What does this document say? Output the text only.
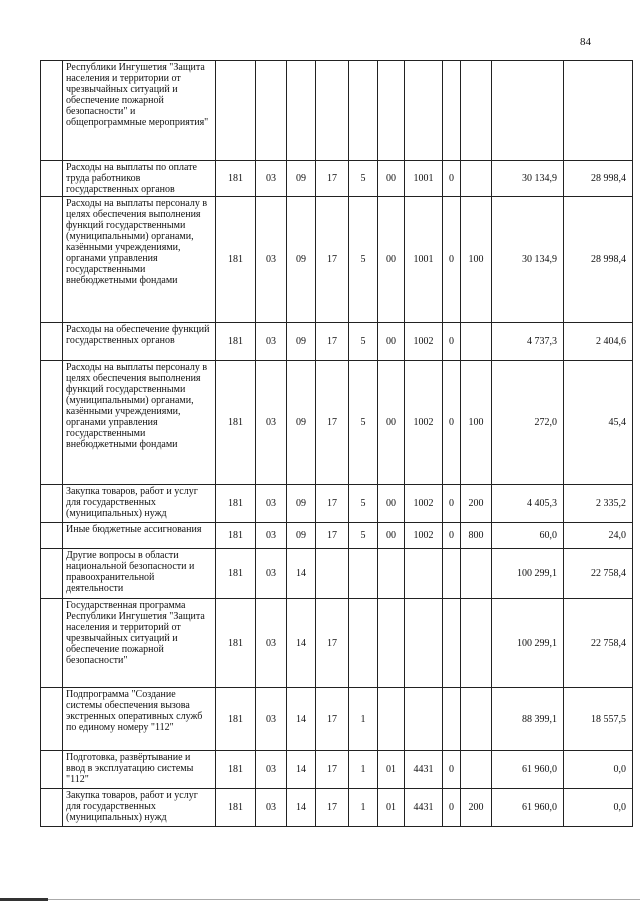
84
	Республики Ингушетия "Защита населения и территории от чрезвычайных ситуаций и обеспечение пожарной безопасности" и общепрограммные мероприятия"											
	Расходы на выплаты по оплате труда работников государственных органов	181	03	09	17	5	00	1001	0		30 134,9	28 998,4
	Расходы на выплаты персоналу в целях обеспечения выполнения функций государственными (муниципальными) органами, казёнными учреждениями, органами управления государственными внебюджетными фондами	181	03	09	17	5	00	1001	0	100	30 134,9	28 998,4
	Расходы на обеспечение функций государственных органов	181	03	09	17	5	00	1002	0		4 737,3	2 404,6
	Расходы на выплаты персоналу в целях обеспечения выполнения функций государственными (муниципальными) органами, казёнными учреждениями, органами управления государственными внебюджетными фондами	181	03	09	17	5	00	1002	0	100	272,0	45,4
	Закупка товаров, работ и услуг для государственных (муниципальных) нужд	181	03	09	17	5	00	1002	0	200	4 405,3	2 335,2
	Иные бюджетные ассигнования	181	03	09	17	5	00	1002	0	800	60,0	24,0
	Другие вопросы в области национальной безопасности и правоохранительной деятельности	181	03	14							100 299,1	22 758,4
	Государственная программа Республики Ингушетия "Защита населения и территорий от чрезвычайных ситуаций и обеспечение пожарной безопасности"	181	03	14	17						100 299,1	22 758,4
	Подпрограмма "Создание системы обеспечения вызова экстренных оперативных служб по единому номеру "112"	181	03	14	17	1					88 399,1	18 557,5
	Подготовка, развёртывание и ввод в эксплуатацию системы "112"	181	03	14	17	1	01	4431	0		61 960,0	0,0
	Закупка товаров, работ и услуг для государственных (муниципальных) нужд	181	03	14	17	1	01	4431	0	200	61 960,0	0,0
